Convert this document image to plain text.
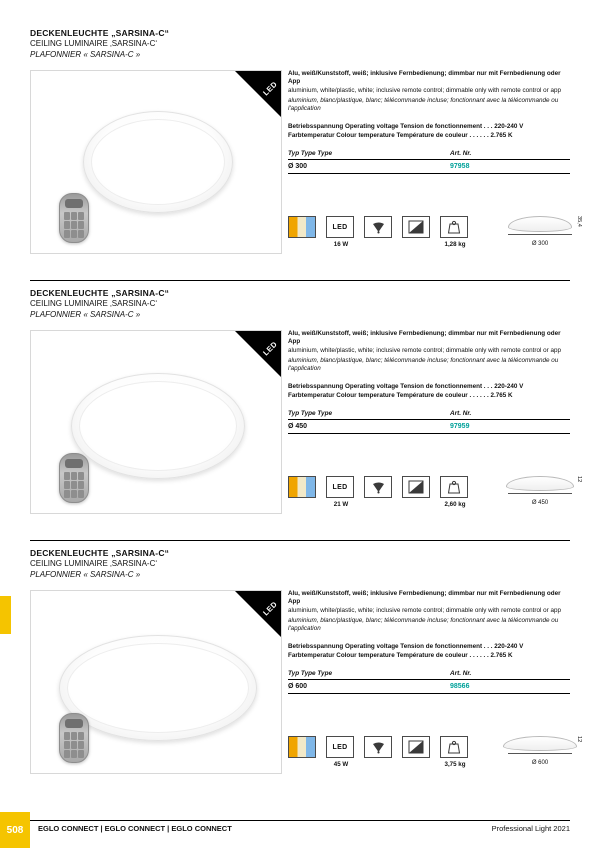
DECKENLEUCHTE „SARSINA-C“

CEILING LUMINAIRE ‚SARSINA-C‘

PLAFONNIER « SARSINA-C »

LED

Alu, weiß/Kunststoff, weiß; inklusive Fernbedienung; dimmbar nur mit Fernbedienung oder App

aluminium, white/plastic, white; inclusive remote control; dimmable only with remote control or app

aluminium, blanc/plastique, blanc; télécommande incluse; fonctionnant avec la télécommande ou l'application

Betriebsspannung Operating voltage Tension de fonctionnement . . . 220-240 V

Farbtemperatur Colour temperature Température de couleur . . . . . . 2.765 K

Typ Type Type	Art. Nr.
Ø 300	97958
LED
16 W	1,28 kg	Ø 300
35,4

DECKENLEUCHTE „SARSINA-C“

CEILING LUMINAIRE ‚SARSINA-C‘

PLAFONNIER « SARSINA-C »

LED

Alu, weiß/Kunststoff, weiß; inklusive Fernbedienung; dimmbar nur mit Fernbedienung oder App

aluminium, white/plastic, white; inclusive remote control; dimmable only with remote control or app

aluminium, blanc/plastique, blanc; télécommande incluse; fonctionnant avec la télécommande ou l'application

Betriebsspannung Operating voltage Tension de fonctionnement . . . 220-240 V

Farbtemperatur Colour temperature Température de couleur . . . . . . 2.765 K

Typ Type Type	Art. Nr.
Ø 450	97959
LED
21 W	2,60 kg	Ø 450
12

DECKENLEUCHTE „SARSINA-C“

CEILING LUMINAIRE ‚SARSINA-C‘

PLAFONNIER « SARSINA-C »

LED

Alu, weiß/Kunststoff, weiß; inklusive Fernbedienung; dimmbar nur mit Fernbedienung oder App

aluminium, white/plastic, white; inclusive remote control; dimmable only with remote control or app

aluminium, blanc/plastique, blanc; télécommande incluse; fonctionnant avec la télécommande ou l'application

Betriebsspannung Operating voltage Tension de fonctionnement . . . 220-240 V

Farbtemperatur Colour temperature Température de couleur . . . . . . 2.765 K

Typ Type Type	Art. Nr.
Ø 600	98566
LED
45 W	3,75 kg	Ø 600
12
508	EGLO CONNECT | EGLO CONNECT | EGLO CONNECT	Professional Light 2021
